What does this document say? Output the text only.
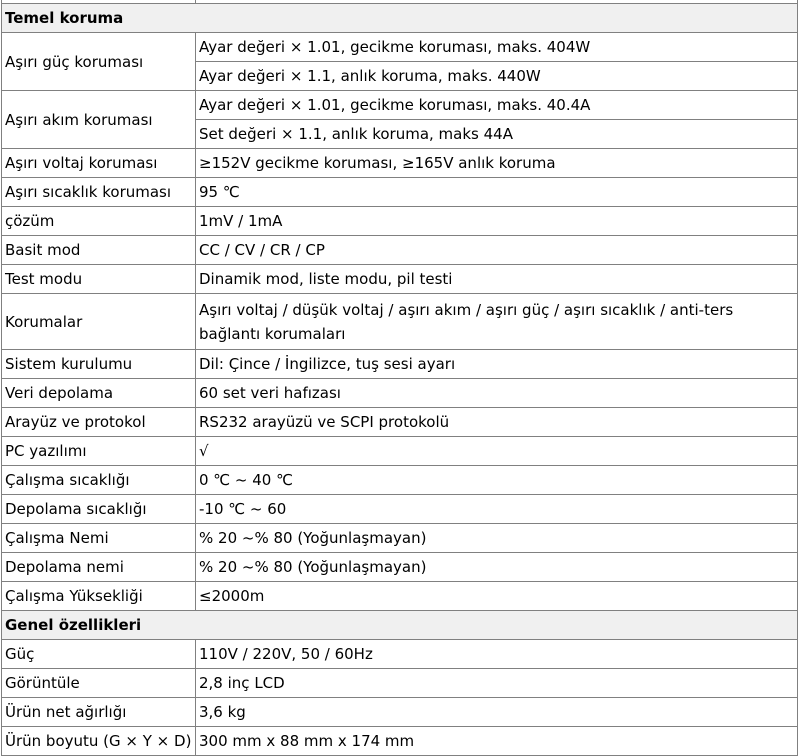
Temel koruma	
Aşırı güç koruması	Ayar değeri × 1.01, gecikme koruması, maks. 404W
	Ayar değeri × 1.1, anlık koruma, maks. 440W
Aşırı akım koruması	Ayar değeri × 1.01, gecikme koruması, maks. 40.4A
	Set değeri × 1.1, anlık koruma, maks 44A
Aşırı voltaj koruması	≥152V gecikme koruması, ≥165V anlık koruma
Aşırı sıcaklık koruması	95 ℃
çözüm	1mV / 1mA
Basit mod	CC / CV / CR / CP
Test modu	Dinamik mod, liste modu, pil testi
Korumalar	Aşırı voltaj / düşük voltaj / aşırı akım / aşırı güç / aşırı sıcaklık / anti-ters bağlantı korumaları
Sistem kurulumu	Dil: Çince / İngilizce, tuş sesi ayarı
Veri depolama	60 set veri hafızası
Arayüz ve protokol	RS232 arayüzü ve SCPI protokolü
PC yazılımı	√
Çalışma sıcaklığı	0 ℃ ~ 40 ℃
Depolama sıcaklığı	-10 ℃ ~ 60
Çalışma Nemi	% 20 ~% 80 (Yoğunlaşmayan)
Depolama nemi	% 20 ~% 80 (Yoğunlaşmayan)
Çalışma Yüksekliği	≤2000m
Genel özellikleri	
Güç	110V / 220V, 50 / 60Hz
Görüntüle	2,8 inç LCD
Ürün net ağırlığı	3,6 kg
Ürün boyutu (G × Y × D)	300 mm x 88 mm x 174 mm
